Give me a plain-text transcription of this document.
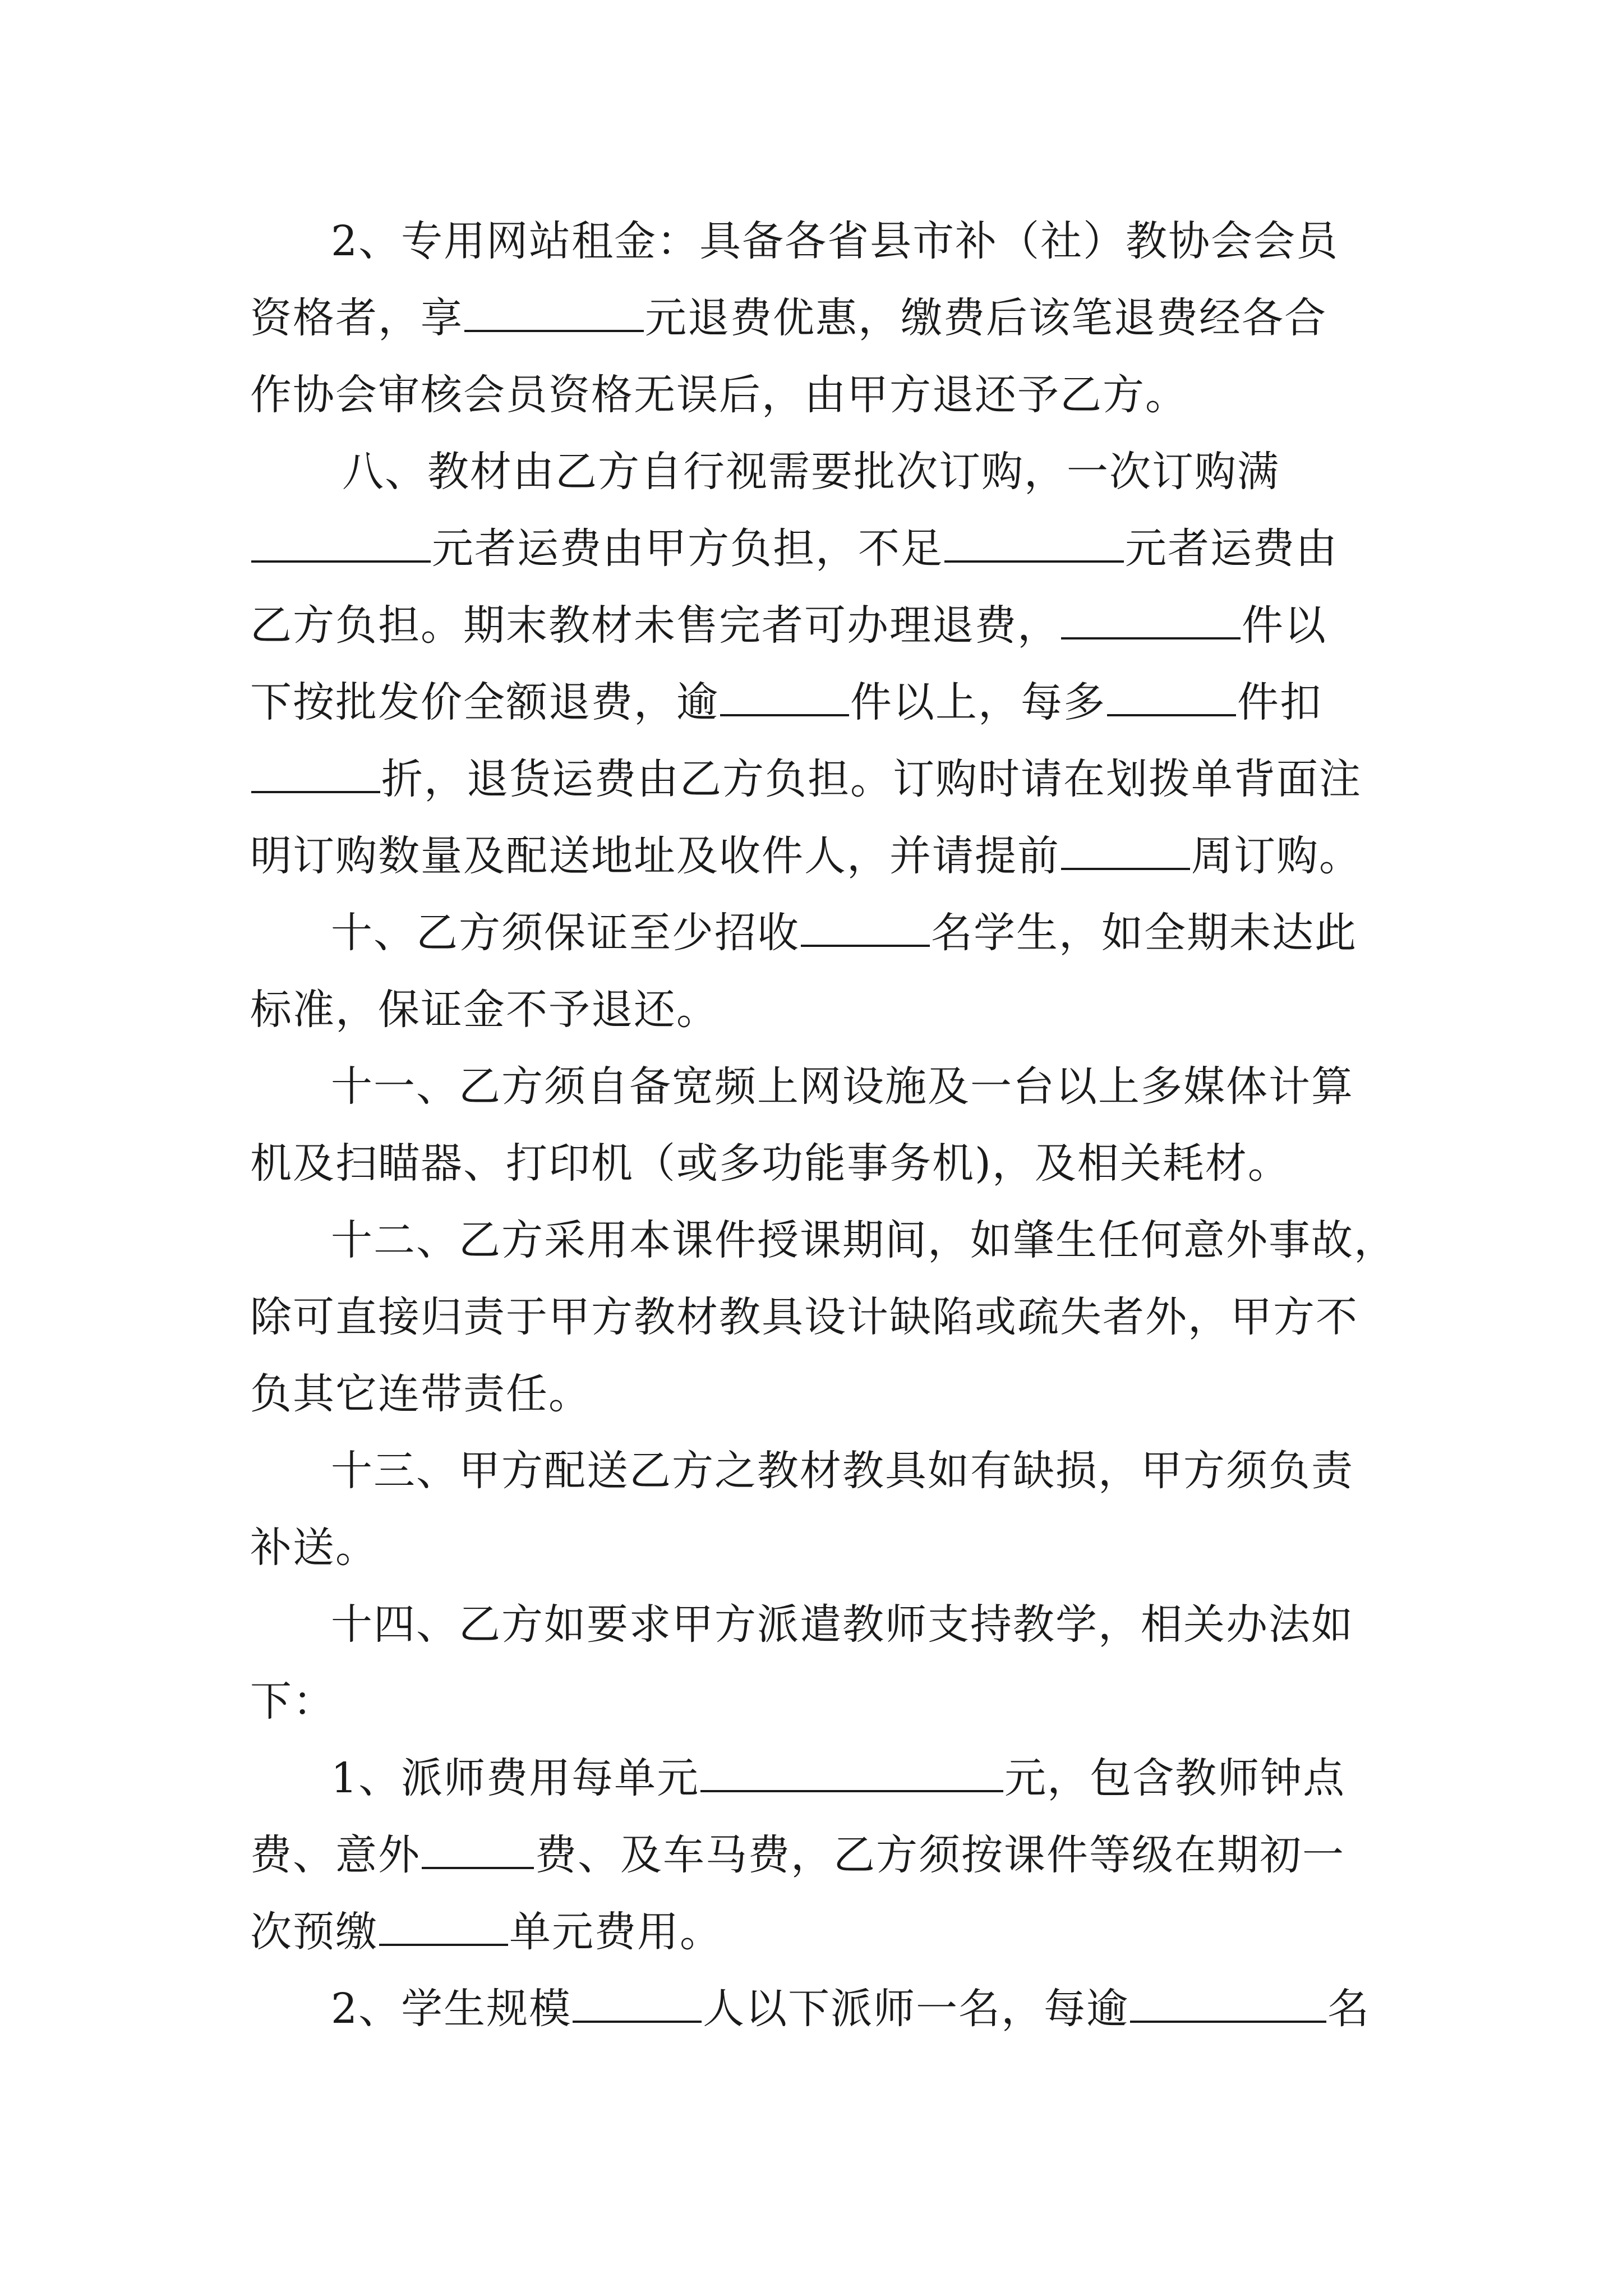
2、专用网站租金：具备各省县市补（社）教协会会员
资格者，享	元退费优惠，缴费后该笔退费经各合
作协会审核会员资格无误后，由甲方退还予乙方。
八、教材由乙方自行视需要批次订购，一次订购满
元者运费由甲方负担，不足	元者运费由
乙方负担。期末教材未售完者可办理退费，	件以
下按批发价全额退费，逾	件以上，每多	件扣
折，退货运费由乙方负担。订购时请在划拨单背面注
明订购数量及配送地址及收件人，并请提前	周订购。
十、乙方须保证至少招收	名学生，如全期未达此
标准，保证金不予退还。
十一、乙方须自备宽频上网设施及一台以上多媒体计算
机及扫瞄器、打印机（或多功能事务机)，及相关耗材。
十二、乙方采用本课件授课期间，如肇生任何意外事故，
除可直接归责于甲方教材教具设计缺陷或疏失者外，甲方不
负其它连带责任。
十三、甲方配送乙方之教材教具如有缺损，甲方须负责
补送。
十四、乙方如要求甲方派遣教师支持教学，相关办法如
下：
1、派师费用每单元	元，包含教师钟点
费、意外	费、及车马费，乙方须按课件等级在期初一
次预缴	单元费用。
2、学生规模	人以下派师一名，每逾	名
